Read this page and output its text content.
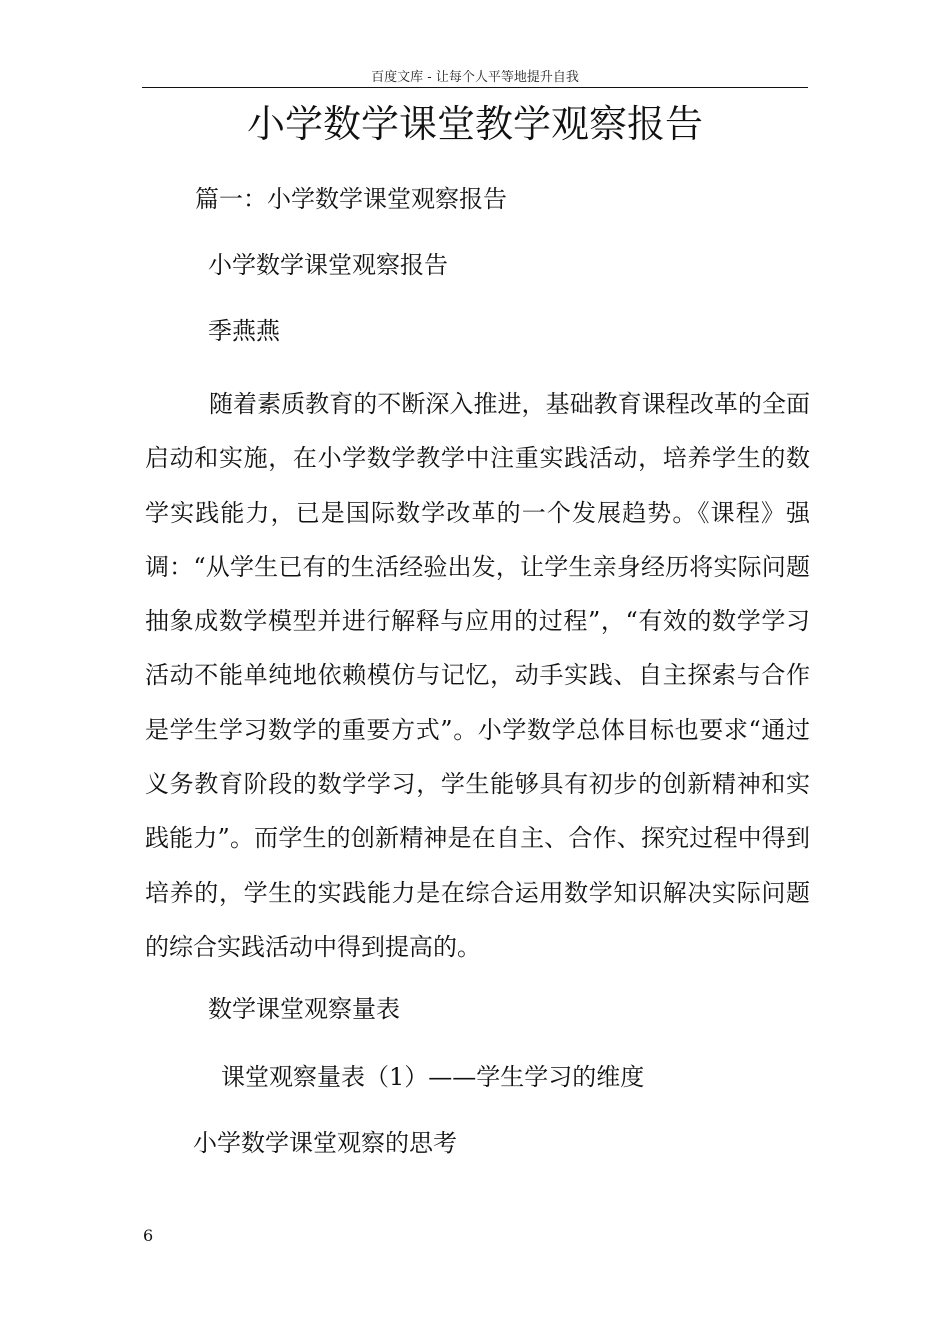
百度文库 - 让每个人平等地提升自我
小学数学课堂教学观察报告
篇一：小学数学课堂观察报告
小学数学课堂观察报告
季燕燕

随着素质教育的不断深入推进，基础教育课程改革的全面启动和实施，在小学数学教学中注重实践活动，培养学生的数学实践能力，已是国际数学改革的一个发展趋势。《课程》强调：“从学生已有的生活经验出发，让学生亲身经历将实际问题抽象成数学模型并进行解释与应用的过程”，“有效的数学学习活动不能单纯地依赖模仿与记忆，动手实践、自主探索与合作是学生学习数学的重要方式”。小学数学总体目标也要求“通过义务教育阶段的数学学习，学生能够具有初步的创新精神和实践能力”。而学生的创新精神是在自主、合作、探究过程中得到培养的，学生的实践能力是在综合运用数学知识解决实际问题的综合实践活动中得到提高的。

数学课堂观察量表
课堂观察量表（1）——学生学习的维度
小学数学课堂观察的思考
6
